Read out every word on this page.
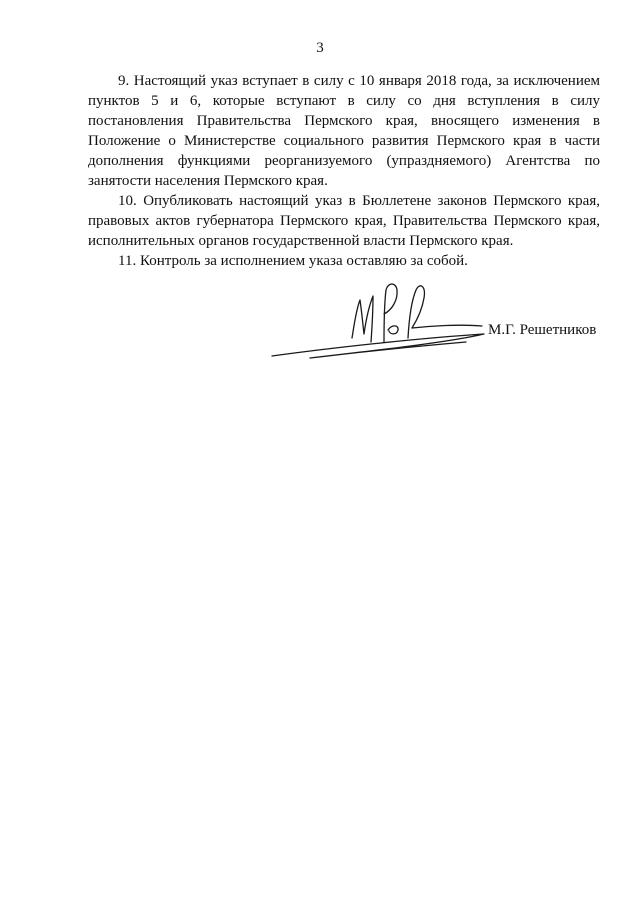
3

9. Настоящий указ вступает в силу с 10 января 2018 года, за исключением пунктов 5 и 6, которые вступают в силу со дня вступления в силу постановления Правительства Пермского края, вносящего изменения в Положение о Министерстве социального развития Пермского края в части дополнения функциями реорганизуемого (упраздняемого) Агентства по занятости населения Пермского края.

10. Опубликовать настоящий указ в Бюллетене законов Пермского края, правовых актов губернатора Пермского края, Правительства Пермского края, исполнительных органов государственной власти Пермского края.

11. Контроль за исполнением указа оставляю за собой.

М.Г. Решетников
